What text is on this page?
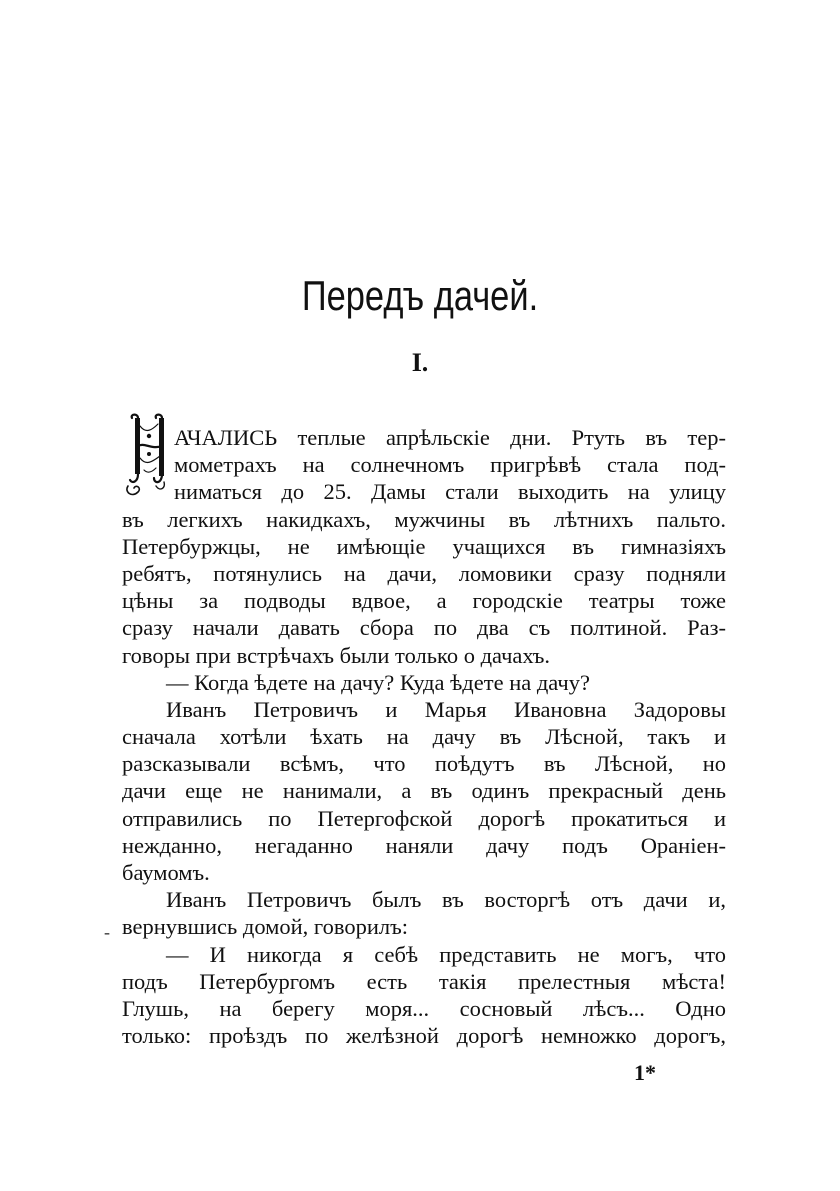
Передъ дачей.
I.
АЧАЛИСЬ теплые апрѣльскіе дни. Ртуть въ тер-
мометрахъ на солнечномъ пригрѣвѣ стала под-
ниматься до 25. Дамы стали выходить на улицу
въ легкихъ накидкахъ, мужчины въ лѣтнихъ пальто.
Петербуржцы, не имѣющіе учащихся въ гимназіяхъ
ребятъ, потянулись на дачи, ломовики сразу подняли
цѣны за подводы вдвое, а городскіе театры тоже
сразу начали давать сбора по два съ полтиной. Раз-
говоры при встрѣчахъ были только о дачахъ.
— Когда ѣдете на дачу? Куда ѣдете на дачу?
Иванъ Петровичъ и Марья Ивановна Задоровы
сначала хотѣли ѣхать на дачу въ Лѣсной, такъ и
разсказывали всѣмъ, что поѣдутъ въ Лѣсной, но
дачи еще не нанимали, а въ одинъ прекрасный день
отправились по Петергофской дорогѣ прокатиться и
нежданно, негаданно наняли дачу подъ Ораніен-
баумомъ.
Иванъ Петровичъ былъ въ восторгѣ отъ дачи и,
вернувшись домой, говорилъ:
— И никогда я себѣ представить не могъ, что
подъ Петербургомъ есть такія прелестныя мѣста!
Глушь, на берегу моря... сосновый лѣсъ... Одно
только: проѣздъ по желѣзной дорогѣ немножко дорогъ,
-
1*
